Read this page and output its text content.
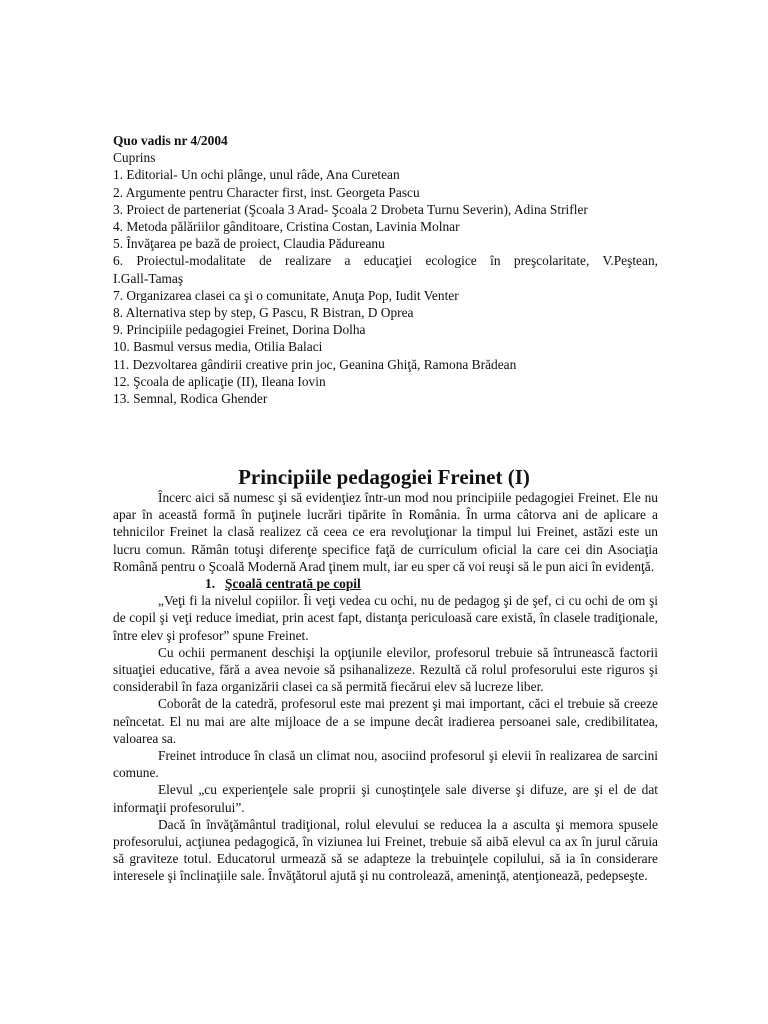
Quo vadis nr 4/2004
Cuprins
1. Editorial- Un ochi plânge, unul râde, Ana Curetean
2. Argumente pentru Character first, inst. Georgeta Pascu
3. Proiect de parteneriat (Şcoala 3 Arad- Şcoala 2 Drobeta Turnu Severin), Adina Strifler
4. Metoda pălăriilor gânditoare, Cristina Costan, Lavinia Molnar
5. Învăţarea pe bază de proiect, Claudia Pădureanu
6. Proiectul-modalitate de realizare a educaţiei ecologice în preşcolaritate, V.Peştean,
I.Gall-Tamaş
7. Organizarea clasei ca şi o comunitate, Anuţa Pop, Iudit Venter
8. Alternativa step by step, G Pascu, R Bistran, D Oprea
9. Principiile pedagogiei Freinet, Dorina Dolha
10. Basmul versus media, Otilia Balaci
11. Dezvoltarea gândirii creative prin joc, Geanina Ghiţă, Ramona Brădean
12. Şcoala de aplicaţie (II), Ileana Iovin
13. Semnal, Rodica Ghender
Principiile pedagogiei Freinet (I)

Încerc aici să numesc şi să evidenţiez într-un mod nou principiile pedagogiei Freinet. Ele nu apar în această formă în puţinele lucrări tipărite în România. În urma câtorva ani de aplicare a tehnicilor Freinet la clasă realizez că ceea ce era revoluţionar la timpul lui Freinet, astăzi este un lucru comun. Rămân totuşi diferenţe specifice faţă de curriculum oficial la care cei din Asociaţia Română pentru o Şcoală Modernă Arad ţinem mult, iar eu sper că voi reuşi să le pun aici în evidenţă.

1. Şcoală centrată pe copil

„Veţi fi la nivelul copiilor. Îi veţi vedea cu ochi, nu de pedagog şi de şef, ci cu ochi de om şi de copil şi veţi reduce imediat, prin acest fapt, distanţa periculoasă care există, în clasele tradiţionale, între elev şi profesor” spune Freinet.

Cu ochii permanent deschişi la opţiunile elevilor, profesorul trebuie să întrunească factorii situaţiei educative, fără a avea nevoie să psihanalizeze. Rezultă că rolul profesorului este riguros şi considerabil în faza organizării clasei ca să permită fiecărui elev să lucreze liber.

Coborât de la catedră, profesorul este mai prezent şi mai important, căci el trebuie să creeze neîncetat. El nu mai are alte mijloace de a se impune decât iradierea persoanei sale, credibilitatea, valoarea sa.

Freinet introduce în clasă un climat nou, asociind profesorul şi elevii în realizarea de sarcini comune.

Elevul „cu experienţele sale proprii şi cunoştinţele sale diverse şi difuze, are şi el de dat informaţii profesorului”.

Dacă în învăţământul tradiţional, rolul elevului se reducea la a asculta şi memora spusele profesorului, acţiunea pedagogică, în viziunea lui Freinet, trebuie să aibă elevul ca ax în jurul căruia să graviteze totul. Educatorul urmează să se adapteze la trebuinţele copilului, să ia în considerare interesele şi înclinaţiile sale. Învăţătorul ajută şi nu controlează, ameninţă, atenţionează, pedepseşte.
